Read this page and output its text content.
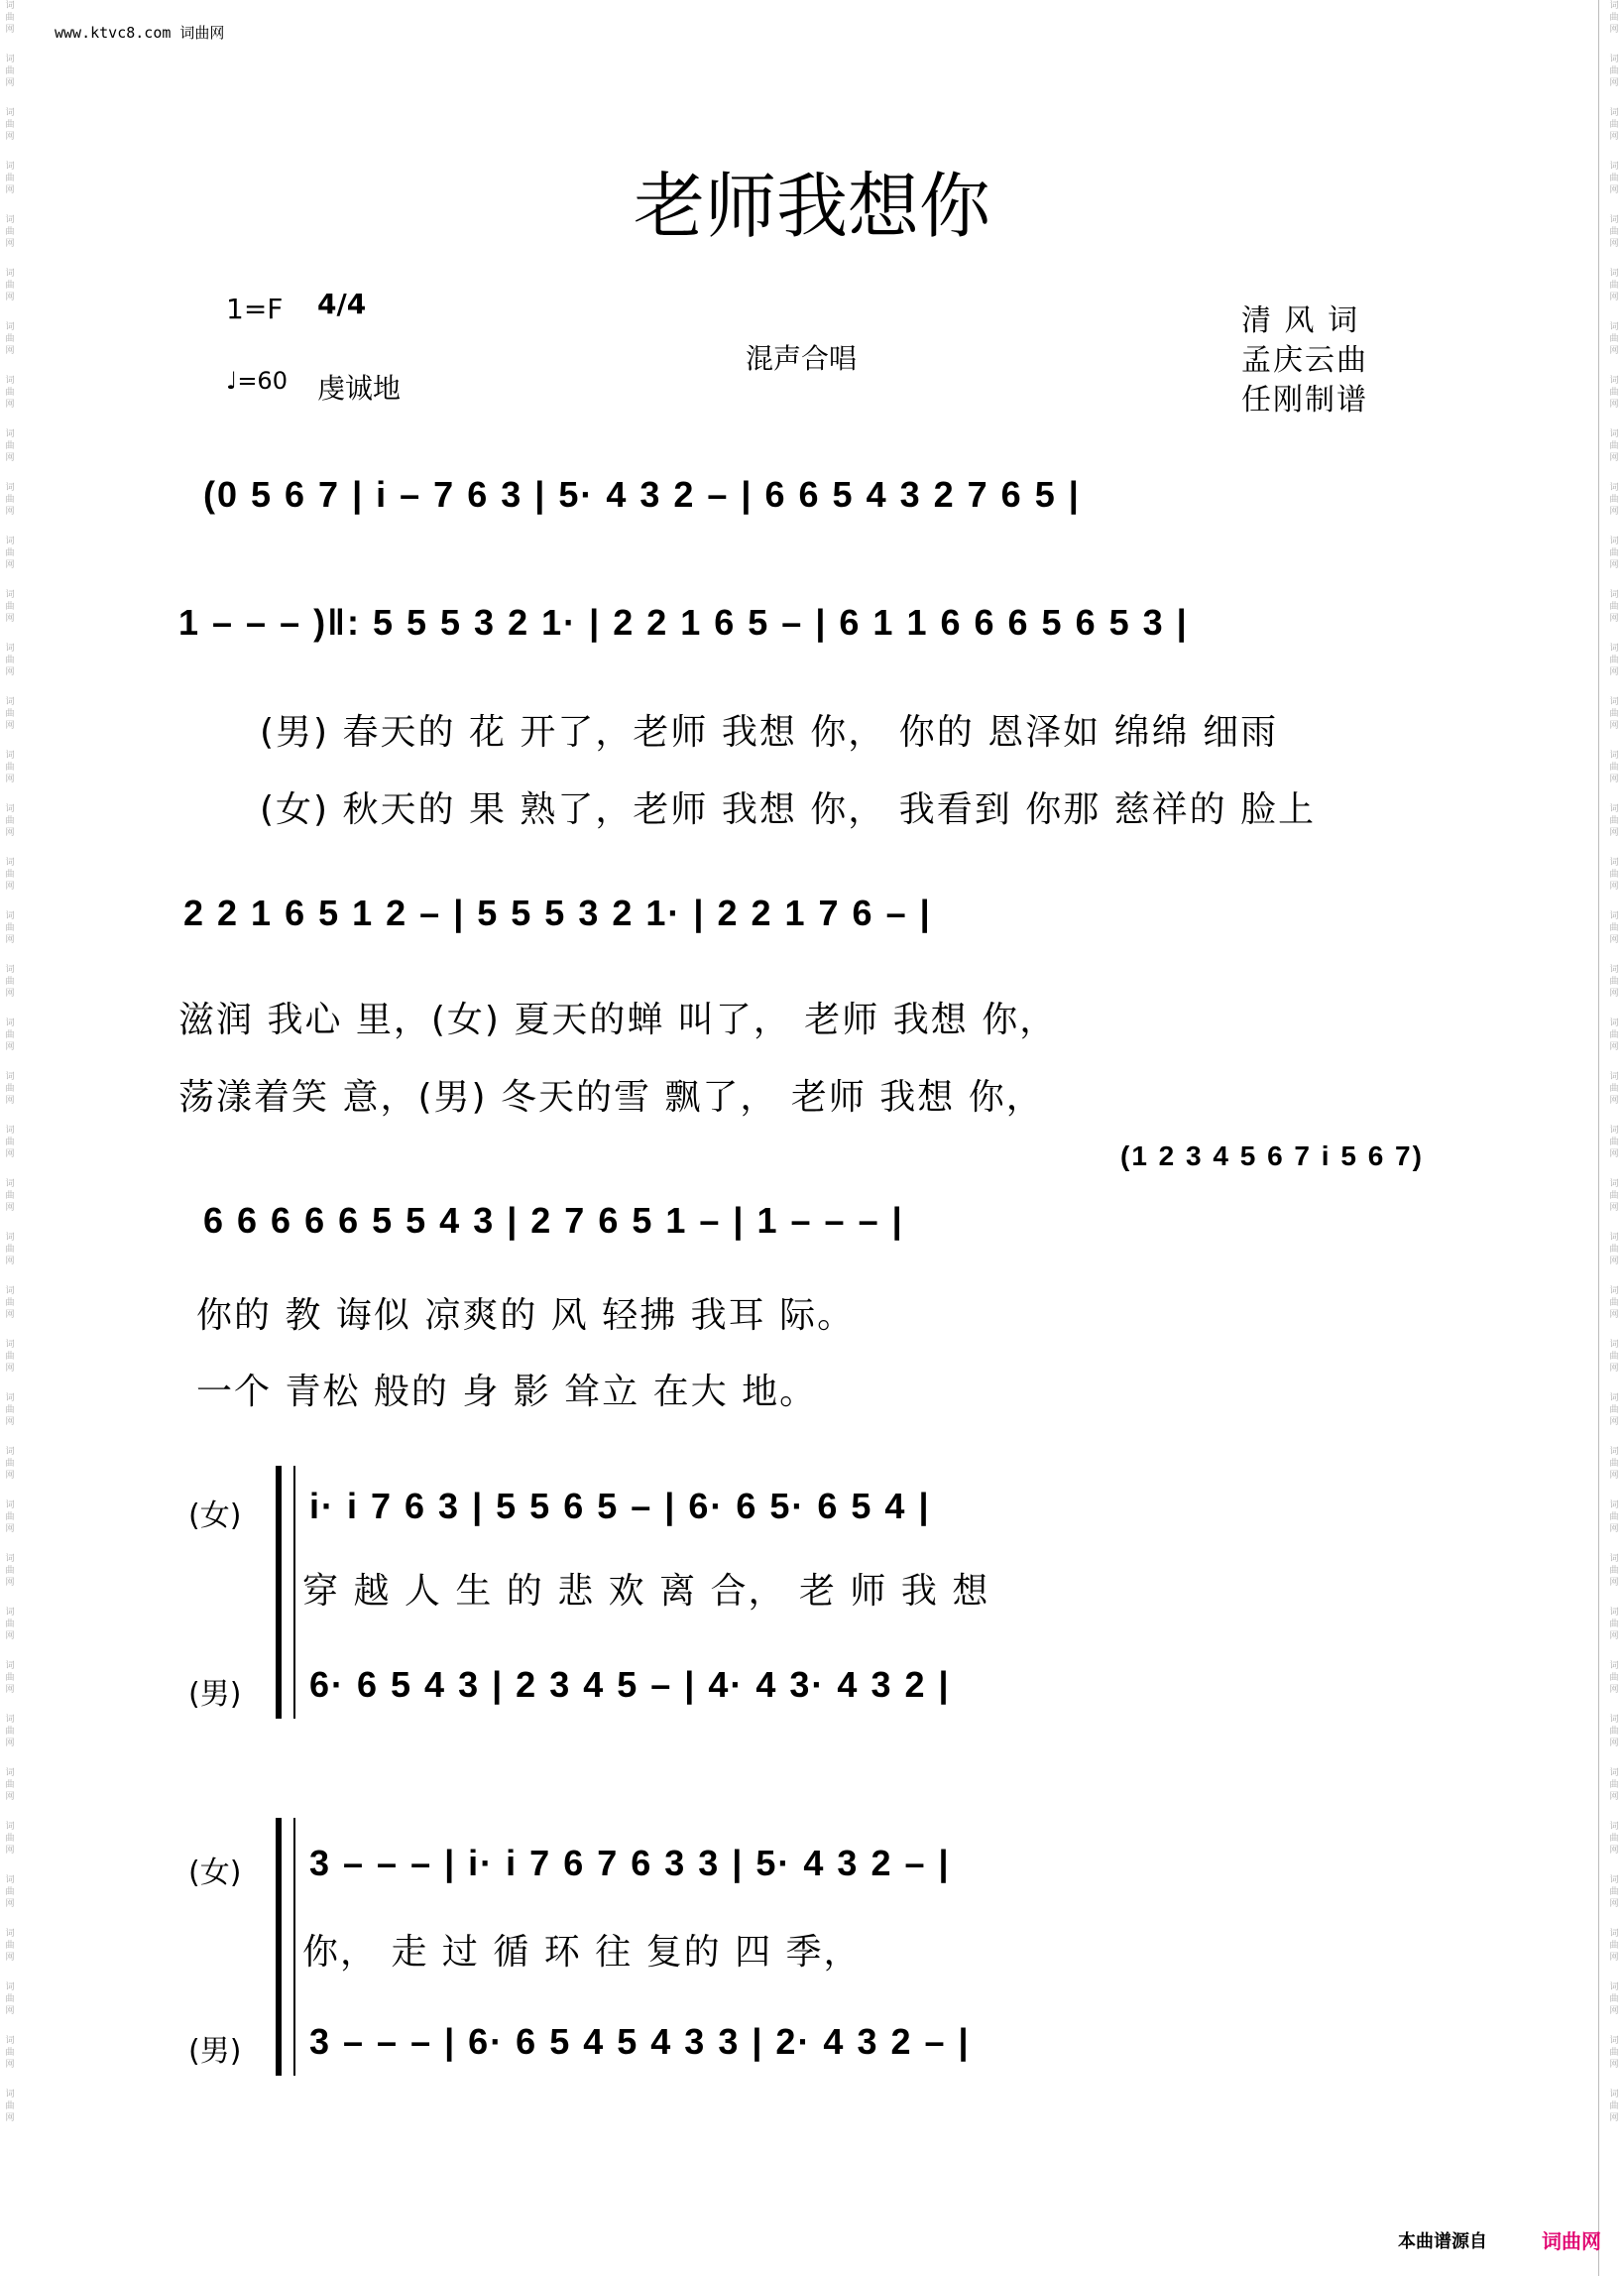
词
曲
网
词
曲
网
词
曲
网
词
曲
网
词
曲
网
词
曲
网
词
曲
网
词
曲
网
词
曲
网
词
曲
网
词
曲
网
词
曲
网
词
曲
网
词
曲
网
词
曲
网
词
曲
网
词
曲
网
词
曲
网
词
曲
网
词
曲
网
词
曲
网
词
曲
网
词
曲
网
词
曲
网
词
曲
网
词
曲
网
词
曲
网
词
曲
网
词
曲
网
词
曲
网
词
曲
网
词
曲
网
词
曲
网
词
曲
网
词
曲
网
词
曲
网
词
曲
网
词
曲
网
词
曲
网
词
曲
网
词
曲
网
词
曲
网
词
曲
网
词
曲
网
词
曲
网
词
曲
网
词
曲
网
词
曲
网
词
曲
网
词
曲
网
词
曲
网
词
曲
网
词
曲
网
词
曲
网
词
曲
网
词
曲
网
词
曲
网
词
曲
网
词
曲
网
词
曲
网
词
曲
网
词
曲
网
词
曲
网
词
曲
网
词
曲
网
词
曲
网
词
曲
网
词
曲
网
词
曲
网
词
曲
网
词
曲
网
词
曲
网
词
曲
网
词
曲
网
词
曲
网
词
曲
网
词
曲
网
词
曲
网
词
曲
网
词
曲
网
www.ktvc8.com 词曲网
老师我想你
1=F 4/4
♩=60 虔诚地
混声合唱
清 风 词
孟庆云曲
任刚制谱
(0 5 6 7 | i – 7 6 3 | 5· 4 3 2 – | 6 6 5 4 3 2 7 6 5 |
1 – – – )‖: 5 5 5 3 2 1· | 2 2 1 6 5 – | 6 1 1 6 6 6 5 6 5 3 |
(男) 春天的 花 开了，老师 我想 你， 你的 恩泽如 绵绵 细雨
(女) 秋天的 果 熟了，老师 我想 你， 我看到 你那 慈祥的 脸上
2 2 1 6 5 1 2 – | 5 5 5 3 2 1· | 2 2 1 7 6 – |
滋润 我心 里，(女) 夏天的蝉 叫了， 老师 我想 你，
荡漾着笑 意，(男) 冬天的雪 飘了， 老师 我想 你，
(1 2 3 4 5 6 7 i 5 6 7)
6 6 6 6 6 5 5 4 3 | 2 7 6 5 1 – | 1 – – – |
你的 教 诲似 凉爽的 风 轻拂 我耳 际。
一个 青松 般的 身 影 耸立 在大 地。
(女) i· i 7 6 3 | 5 5 6 5 – | 6· 6 5· 6 5 4 |
穿 越 人 生 的 悲 欢 离 合， 老 师 我 想
(男) 6· 6 5 4 3 | 2 3 4 5 – | 4· 4 3· 4 3 2 |
(女) 3 – – – | i· i 7 6 7 6 3 3 | 5· 4 3 2 – |
你， 走 过 循 环 往 复的 四 季，
(男) 3 – – – | 6· 6 5 4 5 4 3 3 | 2· 4 3 2 – |
本曲谱源自	词曲网
